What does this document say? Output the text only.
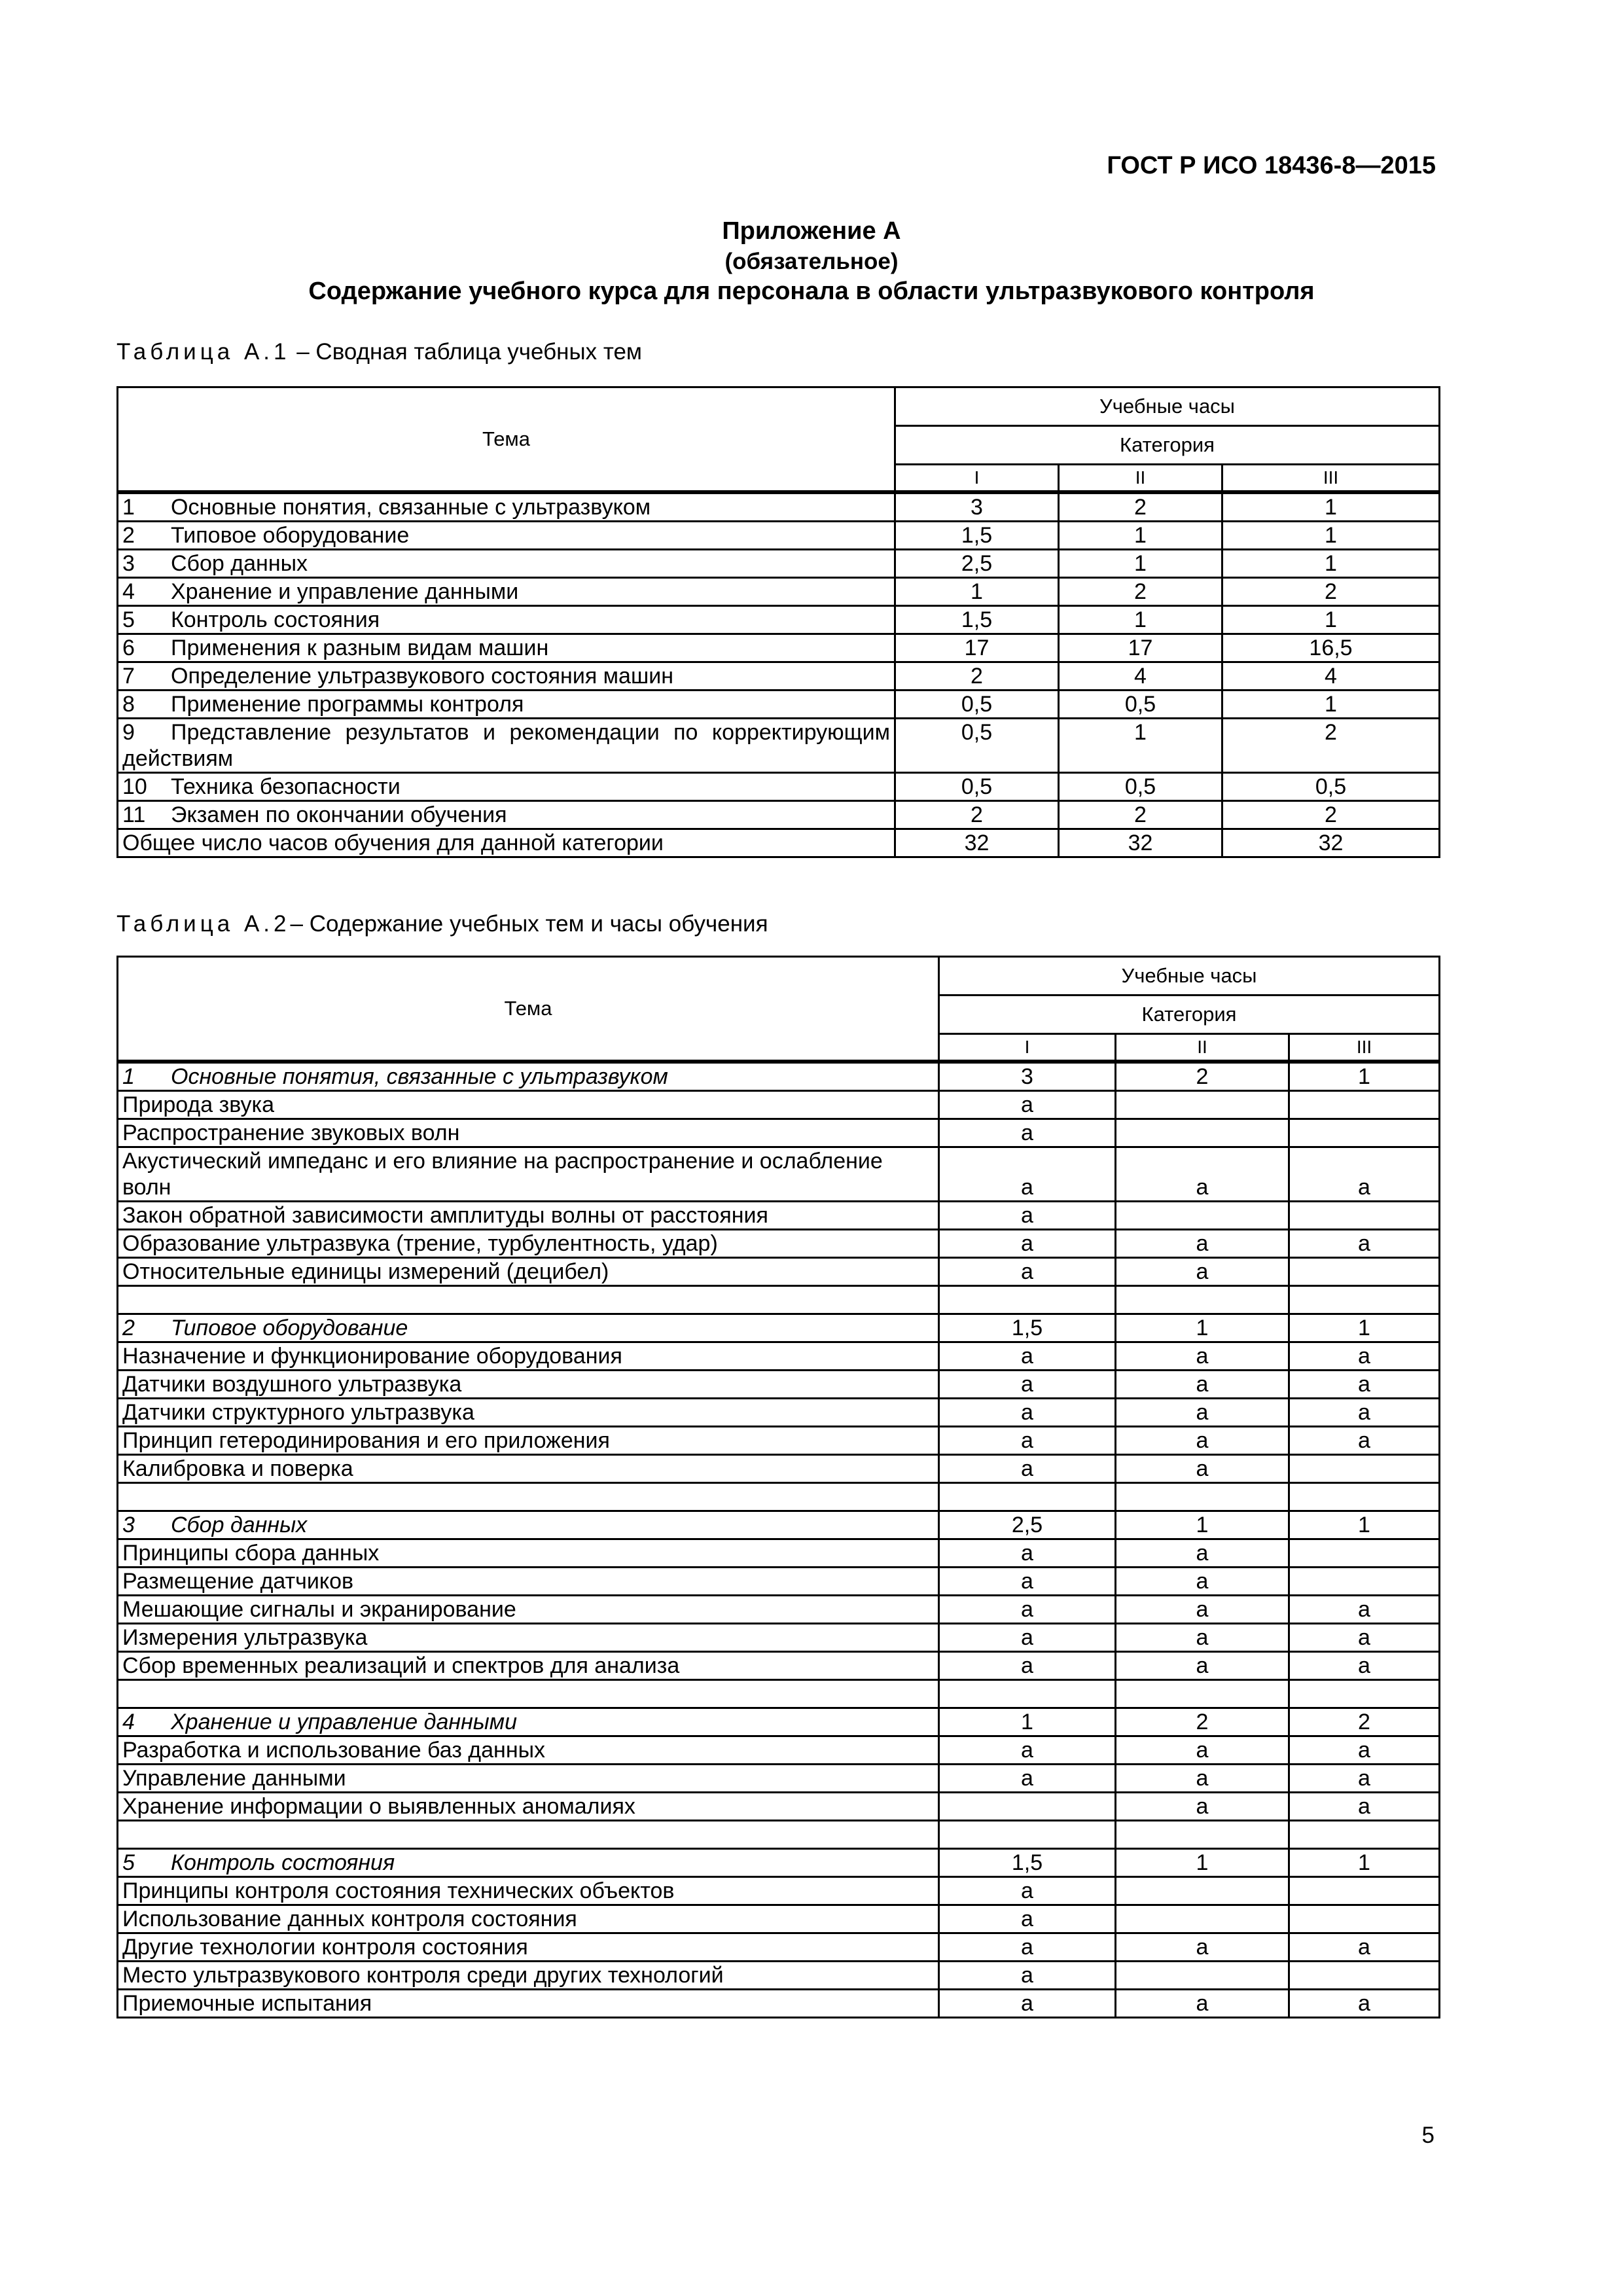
ГОСТ Р ИСО 18436-8—2015
Приложение А
(обязательное)
Содержание учебного курса для персонала в области ультразвукового контроля
Таблица А.1 – Сводная таблица учебных тем
Тема	Учебные часы		
	Категория		
	I	II	III
1 Основные понятия, связанные с ультразвуком	3	2	1
2 Типовое оборудование	1,5	1	1
3 Сбор данных	2,5	1	1
4 Хранение и управление данными	1	2	2
5 Контроль состояния	1,5	1	1
6 Применения к разным видам машин	17	17	16,5
7 Определение ультразвукового состояния машин	2	4	4
8 Применение программы контроля	0,5	0,5	1
9 Представление результатов и рекомендации по корректирующим действиям	0,5	1	2
10 Техника безопасности	0,5	0,5	0,5
11 Экзамен по окончании обучения	2	2	2
Общее число часов обучения для данной категории	32	32	32
Таблица А.2– Содержание учебных тем и часы обучения
Тема	Учебные часы		
	Категория		
	I	II	III
1 Основные понятия, связанные с ультразвуком	3	2	1
Природа звука	a		
Распространение звуковых волн	a		
Акустический импеданс и его влияние на распространение и ослабление волн	a	a	a
Закон обратной зависимости амплитуды волны от расстояния	a		
Образование ультразвука (трение, турбулентность, удар)	a	a	a
Относительные единицы измерений (децибел)	a	a	

2 Типовое оборудование	1,5	1	1
Назначение и функционирование оборудования	a	a	a
Датчики воздушного ультразвука	a	a	a
Датчики структурного ультразвука	a	a	a
Принцип гетеродинирования и его приложения	a	a	a
Калибровка и поверка	a	a	

3 Сбор данных	2,5	1	1
Принципы сбора данных	a	a	
Размещение датчиков	a	a	
Мешающие сигналы и экранирование	a	a	a
Измерения ультразвука	a	a	a
Сбор временных реализаций и спектров для анализа	a	a	a

4 Хранение и управление данными	1	2	2
Разработка и использование баз данных	a	a	a
Управление данными	a	a	a
Хранение информации о выявленных аномалиях		a	a

5 Контроль состояния	1,5	1	1
Принципы контроля состояния технических объектов	a		
Использование данных контроля состояния	a		
Другие технологии контроля состояния	a	a	a
Место ультразвукового контроля среди других технологий	a		
Приемочные испытания	a	a	a
5
